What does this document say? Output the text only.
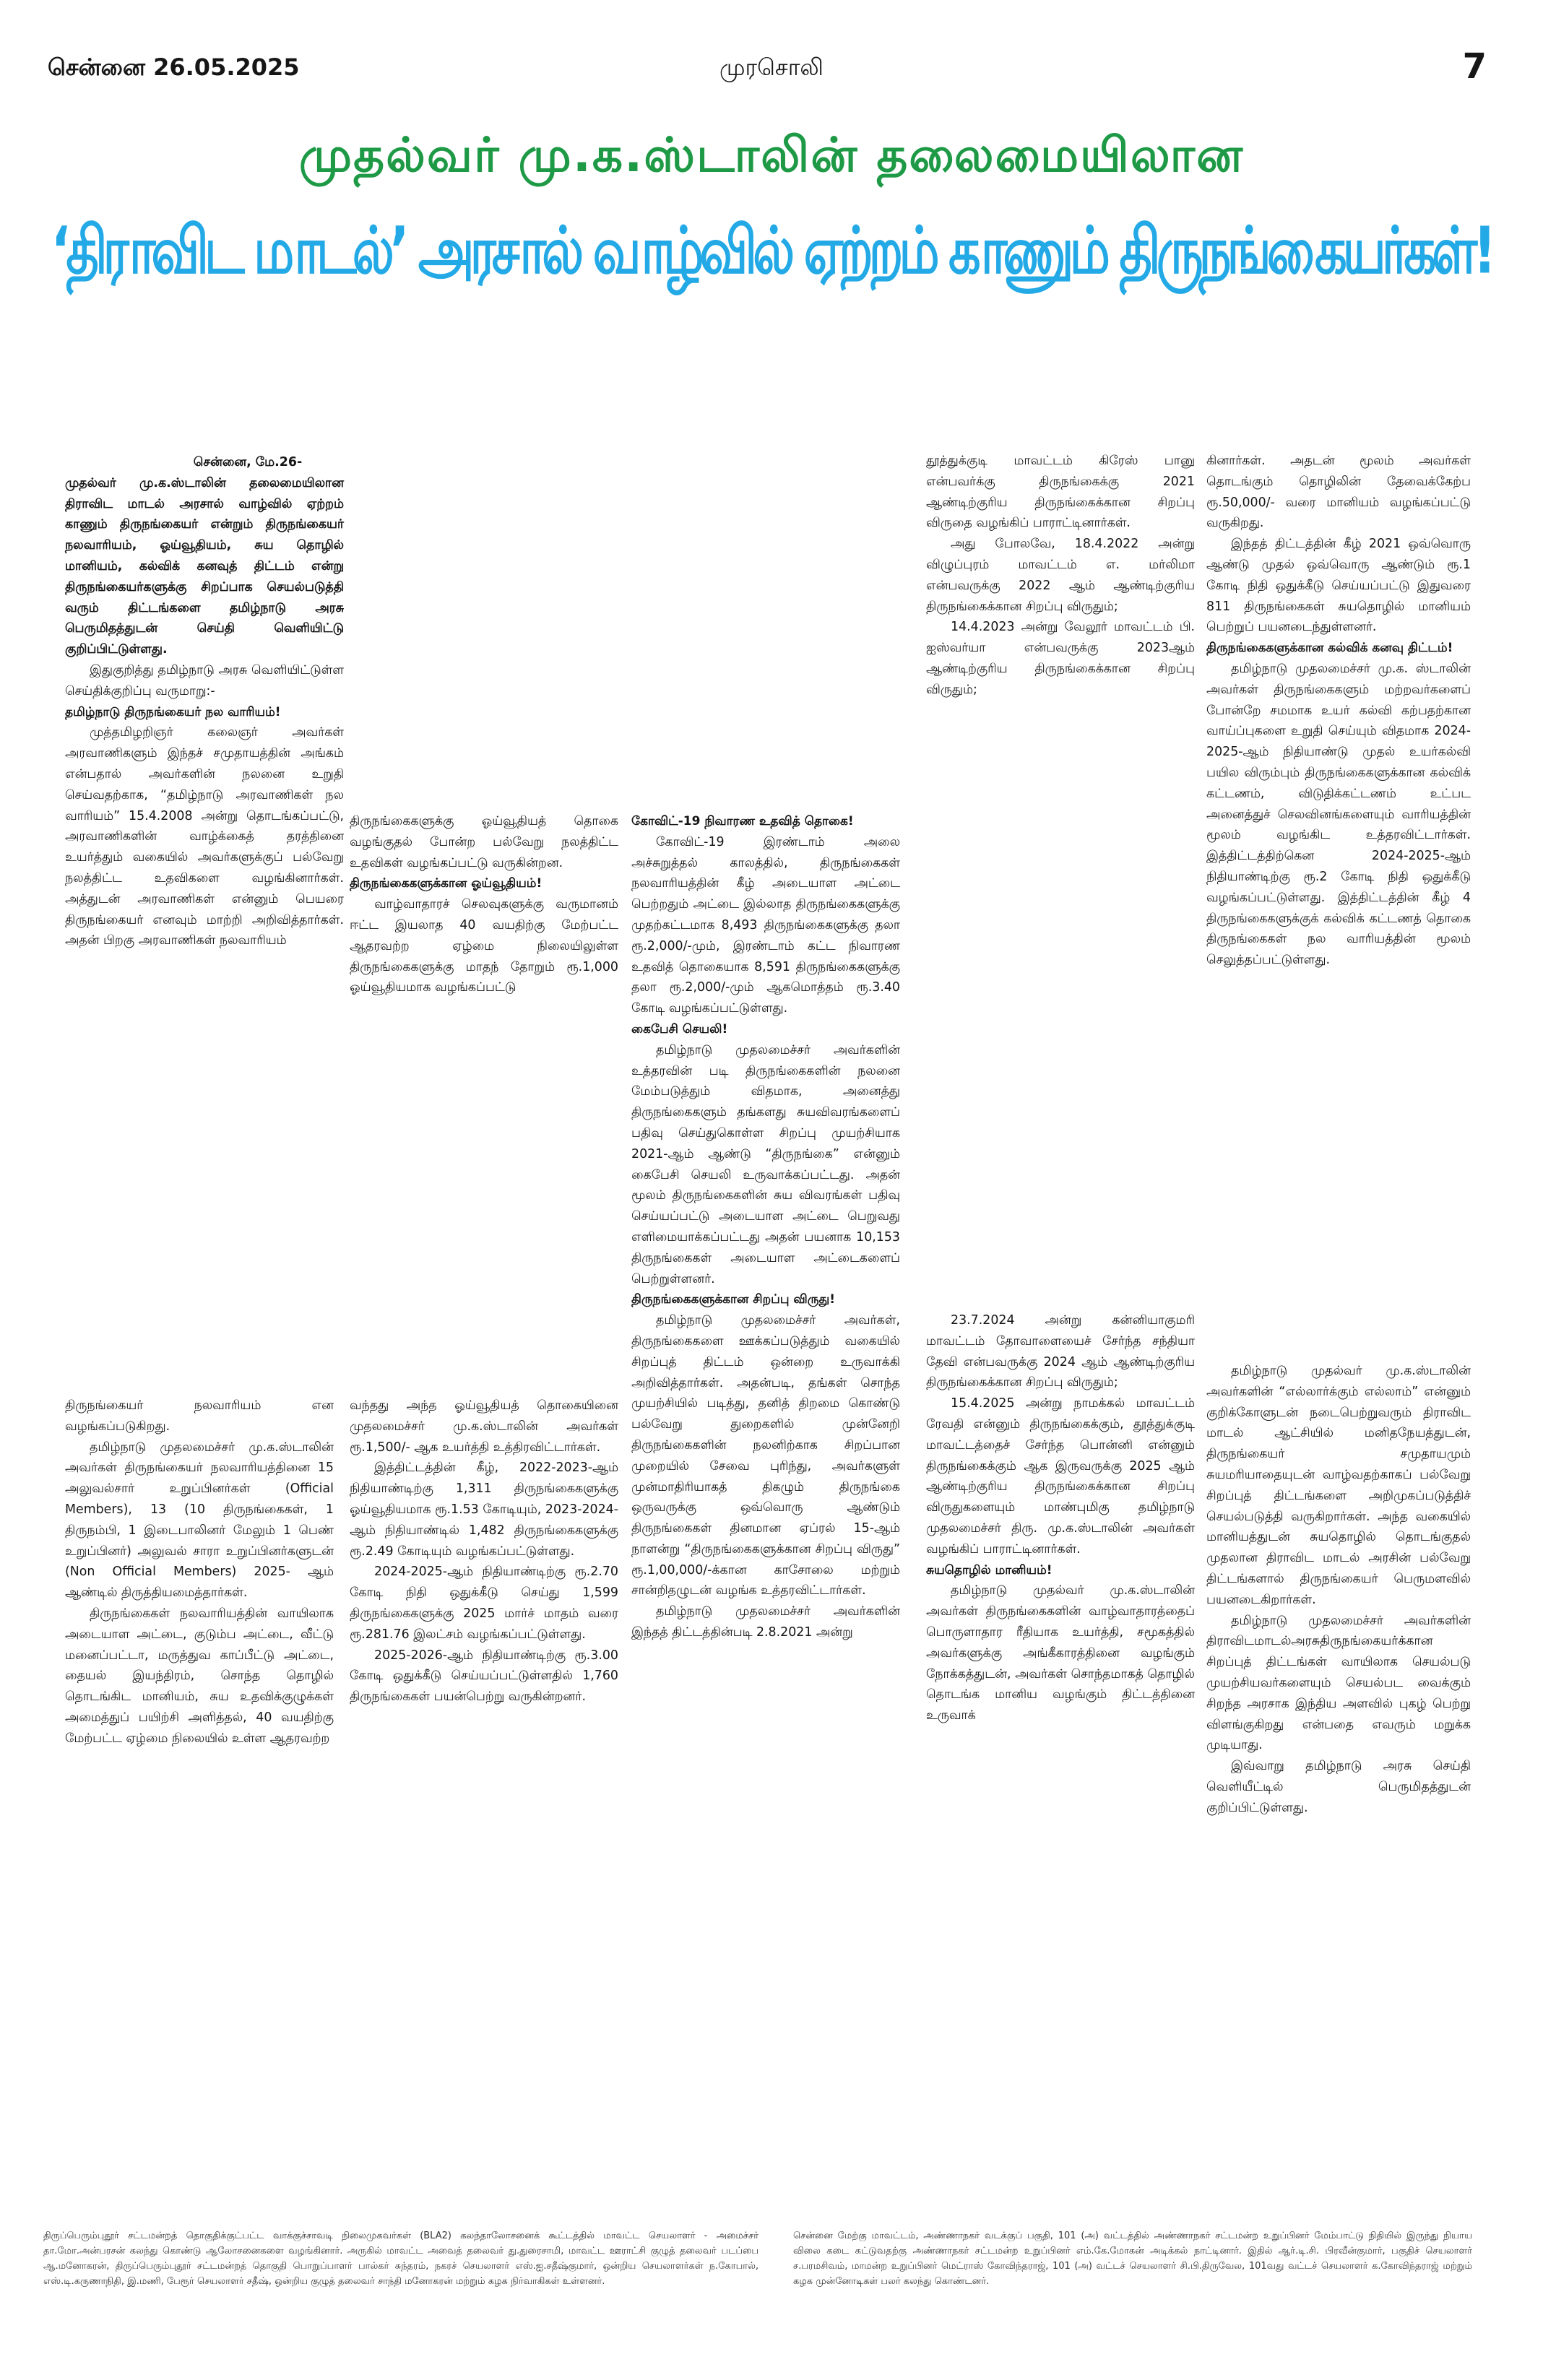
சென்னை 26.05.2025	முரசொலி	7
முதல்வர் மு.க.ஸ்டாலின் தலைமையிலான
‘திராவிட மாடல்’ அரசால் வாழ்வில் ஏற்றம் காணும் திருநங்கையர்கள்!

சென்னை, மே.26-

முதல்வர் மு.க.ஸ்டாலின் தலைமையிலான திராவிட மாடல் அரசால் வாழ்வில் ஏற்றம் காணும் திருநங்கையர் என்றும் திருநங்கையர் நலவாரியம், ஓய்வூதியம், சுய தொழில் மானியம், கல்விக் கனவுத் திட்டம் என்று திருநங்கையர்களுக்கு சிறப்பாக செயல்படுத்தி வரும் திட்டங்களை தமிழ்நாடு அரசு பெருமிதத்துடன் செய்தி வெளியிட்டு குறிப்பிட்டுள்ளது.

இதுகுறித்து தமிழ்நாடு அரசு வெளியிட்டுள்ள செய்திக்குறிப்பு வருமாறு:-

தமிழ்நாடு திருநங்கையர் நல வாரியம்!

முத்தமிழறிஞர் கலைஞர் அவர்கள் அரவாணிகளும் இந்தச் சமுதாயத்தின் அங்கம் என்பதால் அவர்களின் நலனை உறுதி செய்வதற்காக, “தமிழ்நாடு அரவாணிகள் நல வாரியம்” 15.4.2008 அன்று தொடங்கப்பட்டு, அரவாணிகளின் வாழ்க்கைத் தரத்தினை உயர்த்தும் வகையில் அவர்களுக்குப் பல்வேறு நலத்திட்ட உதவிகளை வழங்கினார்கள். அத்துடன் அரவாணிகள் என்னும் பெயரை திருநங்கையர் எனவும் மாற்றி அறிவித்தார்கள். அதன் பிறகு அரவாணிகள் நலவாரியம்

திருநங்கைகளுக்கு ஓய்வூதியத் தொகை வழங்குதல் போன்ற பல்வேறு நலத்திட்ட உதவிகள் வழங்கப்பட்டு வருகின்றன.

திருநங்கைகளுக்கான ஓய்வூதியம்!

வாழ்வாதாரச் செலவுகளுக்கு வருமானம் ஈட்ட இயலாத 40 வயதிற்கு மேற்பட்ட ஆதரவற்ற ஏழ்மை நிலையிலுள்ள திருநங்கைகளுக்கு மாதந் தோறும் ரூ.1,000 ஓய்வூதியமாக வழங்கப்பட்டு

கோவிட்-19 நிவாரண உதவித் தொகை!

கோவிட்-19 இரண்டாம் அலை அச்சுறுத்தல் காலத்தில், திருநங்கைகள் நலவாரியத்தின் கீழ் அடையாள அட்டை பெற்றதும் அட்டை இல்லாத திருநங்கைகளுக்கு முதற்கட்டமாக 8,493 திருநங்கைகளுக்கு தலா ரூ.2,000/-மும், இரண்டாம் கட்ட நிவாரண உதவித் தொகையாக 8,591 திருநங்கைகளுக்கு தலா ரூ.2,000/-மும் ஆகமொத்தம் ரூ.3.40 கோடி வழங்கப்பட்டுள்ளது.

கைபேசி செயலி!

தமிழ்நாடு முதலமைச்சர் அவர்களின் உத்தரவின் படி திருநங்கைகளின் நலனை மேம்படுத்தும் விதமாக, அனைத்து திருநங்கைகளும் தங்களது சுயவிவரங்களைப் பதிவு செய்துகொள்ள சிறப்பு முயற்சியாக 2021-ஆம் ஆண்டு “திருநங்கை” என்னும் கைபேசி செயலி உருவாக்கப்பட்டது. அதன் மூலம் திருநங்கைகளின் சுய விவரங்கள் பதிவு செய்யப்பட்டு அடையாள அட்டை பெறுவது எளிமையாக்கப்பட்டது அதன் பயனாக 10,153 திருநங்கைகள் அடையாள அட்டைகளைப் பெற்றுள்ளனர்.

திருநங்கைகளுக்கான சிறப்பு விருது!

தமிழ்நாடு முதலமைச்சர் அவர்கள், திருநங்கைகளை ஊக்கப்படுத்தும் வகையில் சிறப்புத் திட்டம் ஒன்றை உருவாக்கி அறிவித்தார்கள். அதன்படி, தங்கள் சொந்த முயற்சியில் படித்து, தனித் திறமை கொண்டு பல்வேறு துறைகளில் முன்னேறி திருநங்கைகளின் நலனிற்காக சிறப்பான முறையில் சேவை புரிந்து, அவர்களுள் முன்மாதிரியாகத் திகழும் திருநங்கை ஒருவருக்கு ஒவ்வொரு ஆண்டும் திருநங்கைகள் தினமான ஏப்ரல் 15-ஆம் நாளன்று “திருநங்கைகளுக்கான சிறப்பு விருது” ரூ.1,00,000/-க்கான காசோலை மற்றும் சான்றிதழுடன் வழங்க உத்தரவிட்டார்கள்.

தமிழ்நாடு முதலமைச்சர் அவர்களின் இந்தத் திட்டத்தின்படி 2.8.2021 அன்று

தூத்துக்குடி மாவட்டம் கிரேஸ் பானு என்பவர்க்கு திருநங்கைக்கு 2021 ஆண்டிற்குரிய திருநங்கைக்கான சிறப்பு விருதை வழங்கிப் பாராட்டினார்கள்.

அது போலவே, 18.4.2022 அன்று விழுப்புரம் மாவட்டம் எ. மர்லிமா என்பவருக்கு 2022 ஆம் ஆண்டிற்குரிய திருநங்கைக்கான சிறப்பு விருதும்;

14.4.2023 அன்று வேலூர் மாவட்டம் பி. ஐஸ்வர்யா என்பவருக்கு 2023ஆம் ஆண்டிற்குரிய திருநங்கைக்கான சிறப்பு விருதும்;

கினார்கள். அதடன் மூலம் அவர்கள் தொடங்கும் தொழிலின் தேவைக்கேற்ப ரூ.50,000/- வரை மானியம் வழங்கப்பட்டு வருகிறது.

இந்தத் திட்டத்தின் கீழ் 2021 ஒவ்வொரு ஆண்டு முதல் ஒவ்வொரு ஆண்டும் ரூ.1 கோடி நிதி ஒதுக்கீடு செய்யப்பட்டு இதுவரை 811 திருநங்கைகள் சுயதொழில் மானியம் பெற்றுப் பயனடைந்துள்ளனர்.

திருநங்கைகளுக்கான கல்விக் கனவு திட்டம்!

தமிழ்நாடு முதலமைச்சர் மு.க. ஸ்டாலின் அவர்கள் திருநங்கைகளும் மற்றவர்களைப் போன்றே சமமாக உயர் கல்வி கற்பதற்கான வாய்ப்புகளை உறுதி செய்யும் விதமாக 2024-2025-ஆம் நிதியாண்டு முதல் உயர்கல்வி பயில விரும்பும் திருநங்கைகளுக்கான கல்விக் கட்டணம், விடுதிக்கட்டணம் உட்பட அனைத்துச் செலவினங்களையும் வாரியத்தின் மூலம் வழங்கிட உத்தரவிட்டார்கள். இத்திட்டத்திற்கென 2024-2025-ஆம் நிதியாண்டிற்கு ரூ.2 கோடி நிதி ஒதுக்கீடு வழங்கப்பட்டுள்ளது. இத்திட்டத்தின் கீழ் 4 திருநங்கைகளுக்குக் கல்விக் கட்டணத் தொகை திருநங்கைகள் நல வாரியத்தின் மூலம் செலுத்தப்பட்டுள்ளது.

திருநங்கையர் நலவாரியம் என வழங்கப்படுகிறது.

தமிழ்நாடு முதலமைச்சர் மு.க.ஸ்டாலின் அவர்கள் திருநங்கையர் நலவாரியத்தினை 15 அலுவல்சார் உறுப்பினர்கள் (Official Members), 13 (10 திருநங்கைகள், 1 திருநம்பி, 1 இடைபாலினர் மேலும் 1 பெண் உறுப்பினர்) அலுவல் சாரா உறுப்பினர்களுடன் (Non Official Members) 2025- ஆம் ஆண்டில் திருத்தியமைத்தார்கள்.

திருநங்கைகள் நலவாரியத்தின் வாயிலாக அடையாள அட்டை, குடும்ப அட்டை, வீட்டு மனைப்பட்டா, மருத்துவ காப்பீட்டு அட்டை, தையல் இயந்திரம், சொந்த தொழில் தொடங்கிட மானியம், சுய உதவிக்குழுக்கள் அமைத்துப் பயிற்சி அளித்தல், 40 வயதிற்கு மேற்பட்ட ஏழ்மை நிலையில் உள்ள ஆதரவற்ற

வந்தது அந்த ஓய்வூதியத் தொகையினை முதலமைச்சர் மு.க.ஸ்டாலின் அவர்கள் ரூ.1,500/- ஆக உயர்த்தி உத்திரவிட்டார்கள்.

இத்திட்டத்தின் கீழ், 2022-2023-ஆம் நிதியாண்டிற்கு 1,311 திருநங்கைகளுக்கு ஓய்வூதியமாக ரூ.1.53 கோடியும், 2023-2024-ஆம் நிதியாண்டில் 1,482 திருநங்கைகளுக்கு ரூ.2.49 கோடியும் வழங்கப்பட்டுள்ளது.

2024-2025-ஆம் நிதியாண்டிற்கு ரூ.2.70 கோடி நிதி ஒதுக்கீடு செய்து 1,599 திருநங்கைகளுக்கு 2025 மார்ச் மாதம் வரை ரூ.281.76 இலட்சம் வழங்கப்பட்டுள்ளது.

2025-2026-ஆம் நிதியாண்டிற்கு ரூ.3.00 கோடி ஒதுக்கீடு செய்யப்பட்டுள்ளதில் 1,760 திருநங்கைகள் பயன்பெற்று வருகின்றனர்.

23.7.2024 அன்று கன்னியாகுமரி மாவட்டம் தோவாளையைச் சேர்ந்த சந்தியா தேவி என்பவருக்கு 2024 ஆம் ஆண்டிற்குரிய திருநங்கைக்கான சிறப்பு விருதும்;

15.4.2025 அன்று நாமக்கல் மாவட்டம் ரேவதி என்னும் திருநங்கைக்கும், தூத்துக்குடி மாவட்டத்தைச் சேர்ந்த பொன்னி என்னும் திருநங்கைக்கும் ஆக இருவருக்கு 2025 ஆம் ஆண்டிற்குரிய திருநங்கைக்கான சிறப்பு விருதுகளையும் மாண்புமிகு தமிழ்நாடு முதலமைச்சர் திரு. மு.க.ஸ்டாலின் அவர்கள் வழங்கிப் பாராட்டினார்கள்.

சுயதொழில் மானியம்!

தமிழ்நாடு முதல்வர் மு.க.ஸ்டாலின் அவர்கள் திருநங்கைகளின் வாழ்வாதாரத்தைப் பொருளாதார ரீதியாக உயர்த்தி, சமூகத்தில் அவர்களுக்கு அங்கீகாரத்தினை வழங்கும் நோக்கத்துடன், அவர்கள் சொந்தமாகத் தொழில் தொடங்க மானிய வழங்கும் திட்டத்தினை உருவாக்

தமிழ்நாடு முதல்வர் மு.க.ஸ்டாலின் அவர்களின் “எல்லார்க்கும் எல்லாம்” என்னும் குறிக்கோளுடன் நடைபெற்றுவரும் திராவிட மாடல் ஆட்சியில் மனிதநேயத்துடன், திருநங்கையர் சமுதாயமும் சுயமரியாதையுடன் வாழ்வதற்காகப் பல்வேறு சிறப்புத் திட்டங்களை அறிமுகப்படுத்திச் செயல்படுத்தி வருகிறார்கள். அந்த வகையில் மானியத்துடன் சுயதொழில் தொடங்குதல் முதலான திராவிட மாடல் அரசின் பல்வேறு திட்டங்களால் திருநங்கையர் பெருமளவில் பயனடைகிறார்கள்.

தமிழ்நாடு முதலமைச்சர் அவர்களின் திராவிடமாடல்அரசுதிருநங்கையர்க்கான சிறப்புத் திட்டங்கள் வாயிலாக செயல்படு முயற்சியவர்களையும் செயல்பட வைக்கும் சிறந்த அரசாக இந்திய அளவில் புகழ் பெற்று விளங்குகிறது என்பதை எவரும் மறுக்க முடியாது.

இவ்வாறு தமிழ்நாடு அரசு செய்தி வெளியீட்டில் பெருமிதத்துடன் குறிப்பிட்டுள்ளது.

திருப்பெரும்புதூர் சட்டமன்றத் தொகுதிக்குட்பட்ட வாக்குச்சாவடி நிலைமுகவர்கள் (BLA2) கலந்தாலோசனைக் கூட்டத்தில் மாவட்ட செயலாளர் - அமைச்சர் தா.மோ.அன்பரசன் கலந்து கொண்டு ஆலோசனைகளை வழங்கினார். அருகில் மாவட்ட அவைத் தலைவர் து.துரைசாமி, மாவட்ட ஊராட்சி குழுத் தலைவர் படப்பை ஆ.மனோகரன், திருப்பெரும்புதூர் சட்டமன்றத் தொகுதி பொறுப்பாளர் பால்கர் சுந்தரம், நகரச் செயலாளர் எஸ்.ஐ.சதீஷ்குமார், ஒன்றிய செயலாளர்கள் ந.கோபால், எஸ்.டி.கருணாநிதி, இ.மணி, பேரூர் செயலாளர் சதீஷ், ஒன்றிய குழுத் தலைவர் சாந்தி மனோகரன் மற்றும் கழக நிர்வாகிகள் உள்ளனர்.
சென்னை மேற்கு மாவட்டம், அண்ணாநகர் வடக்குப் பகுதி, 101 (அ) வட்டத்தில் அண்ணாநகர் சட்டமன்ற உறுப்பினர் மேம்பாட்டு நிதியில் இருந்து நியாய விலை கடை கட்டுவதற்கு அண்ணாநகர் சட்டமன்ற உறுப்பினர் எம்.கே.மோகன் அடிக்கல் நாட்டினார். இதில் ஆர்.டி.சி. பிரவீன்குமார், பகுதிச் செயலாளர் ச.பரமசிவம், மாமன்ற உறுப்பினர் மெட்ராஸ் கோவிந்தராஜ், 101 (அ) வட்டச் செயலாளர் சி.பி.திருவேல, 101வது வட்டச் செயலாளர் க.கோவிந்தராஜ் மற்றும் கழக முன்னோடிகள் பலர் கலந்து கொண்டனர்.
